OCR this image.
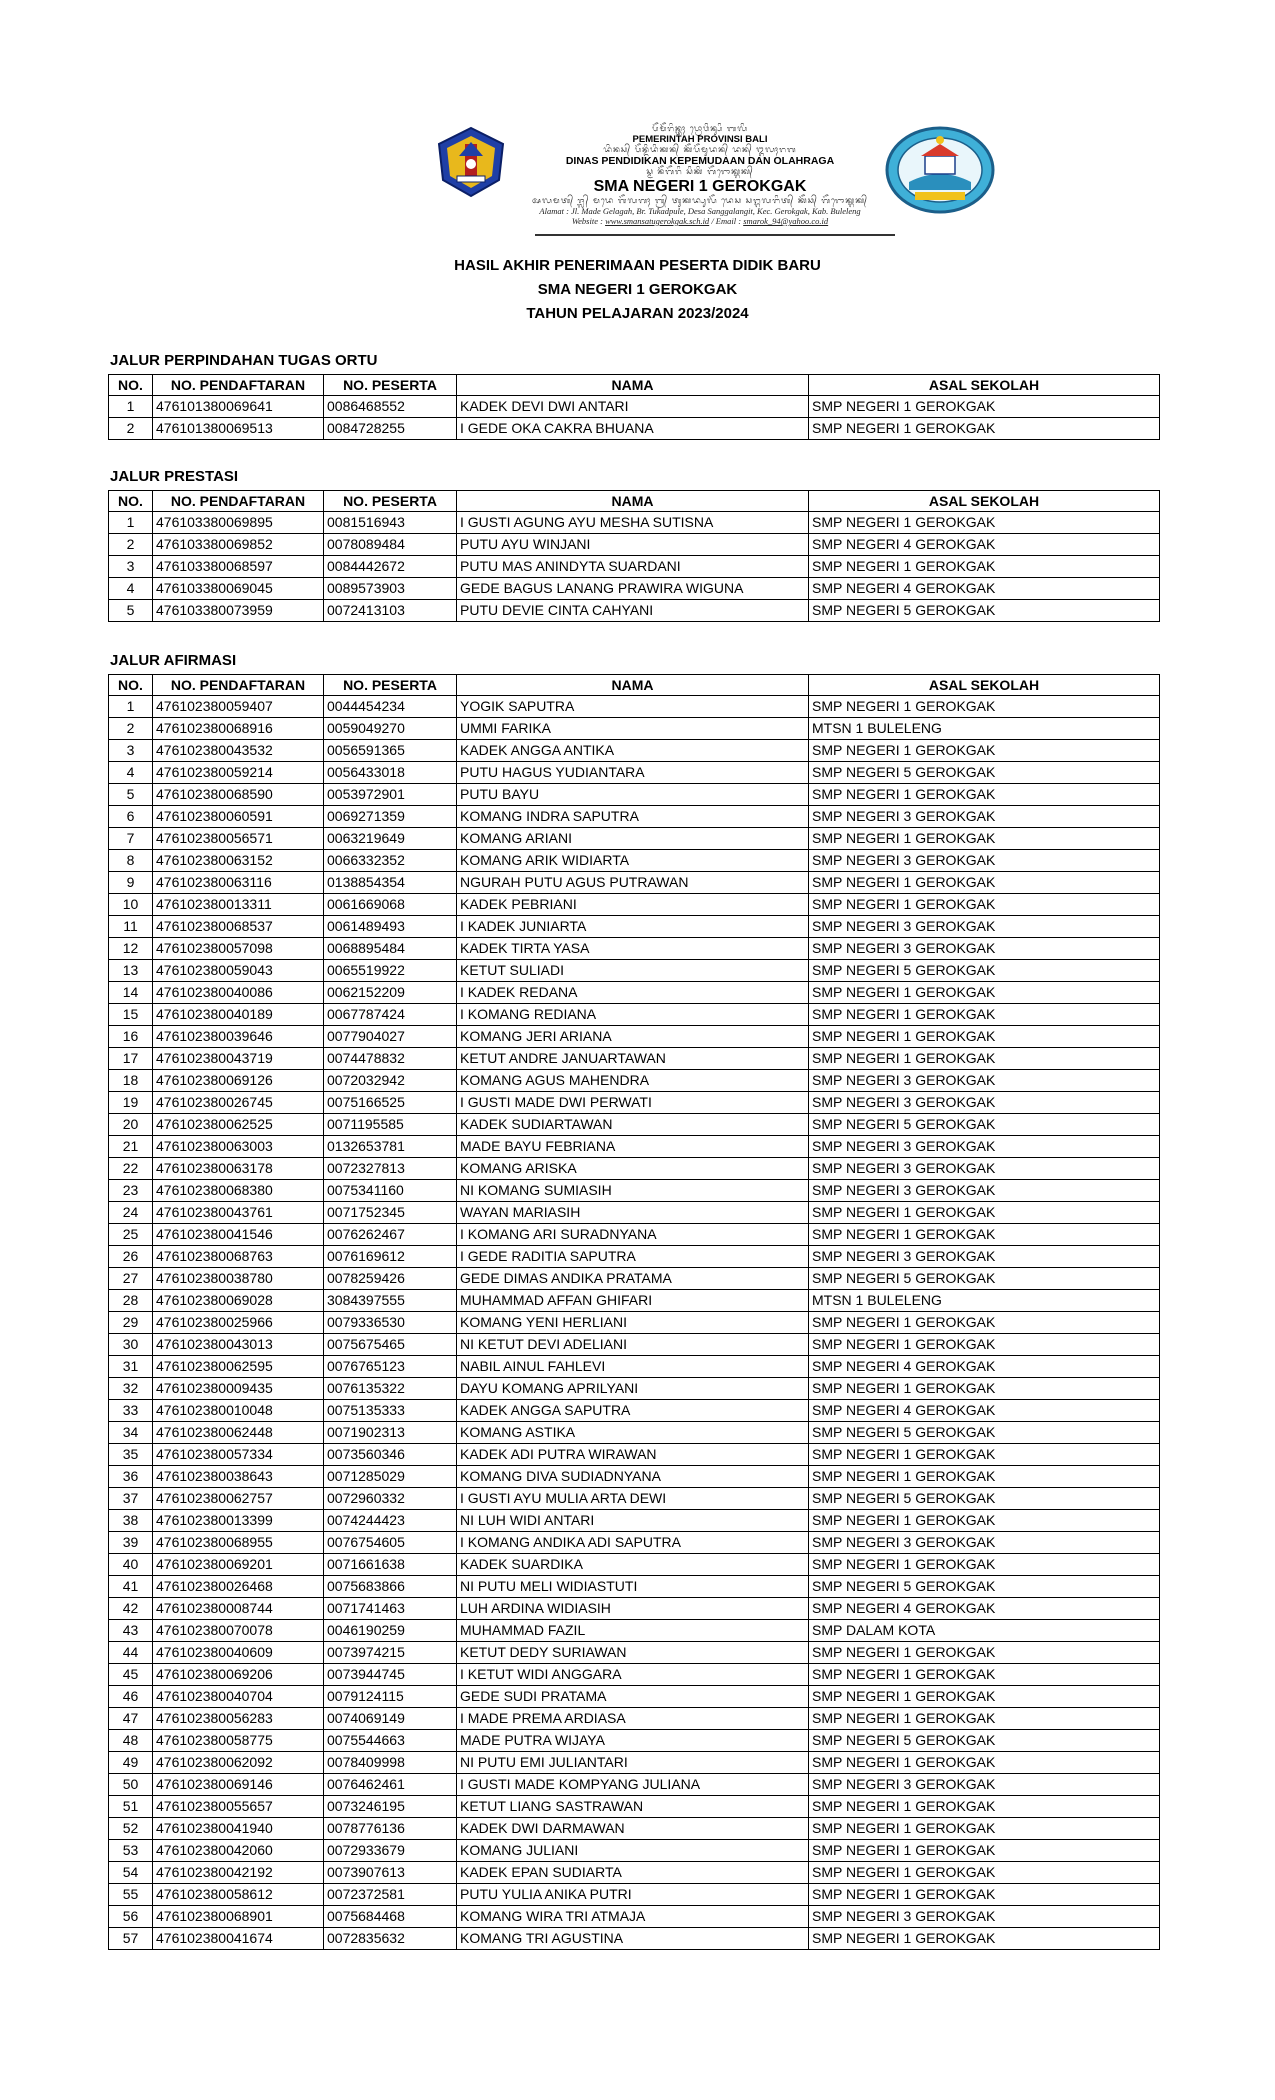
ᬧᭂᬫᭂᬭᬶᬦ᭄ᬢᬄ ᬧ᭄ᬭᭀᬯᬶᬦ᭄ᬲᬶ ᬩᬮᬶ
PEMERINTAH PROVINSI BALI
ᬤᬶᬦᬲ᭄ ᬧᭂᬦ᭄ᬤᬶᬤᬶᬓᬦ᭄ ᬓᭂᬧᭂᬫᬸᬤᬦ᭄ ᬤᬦ᭄ ᬑᬮᬄᬭᬕ
DINAS PENDIDIKAN KEPEMUDAAN DAN OLAHRAGA
ᬲ᭄ᬫ ᬦᭂᬕᭂᬭᬶ ᬲᬶᬓᬶ ᬕᭂᬭᭀᬓ᭄ᬕᬓ᭄
SMA NEGERI 1 GEROKGAK
ᬅᬮᬫᬢ᭄ ᬚ᭄ᬮ᭄ ᬫᬤᬾ ᬕᭂᬮᬕᬄ ᬩ᭄ᬭ᭄ ᬢᬸᬓᬤ᭄ᬧᬸᬮᭂ ᬤᬾᬲ ᬲᬗ᭄ᬕᬮᬗᬶᬢ᭄ ᬓᭂᬘ᭄ ᬕᭂᬭᭀᬓ᭄ᬕᬓ᭄
Alamat : Jl. Made Gelagah, Br. Tukadpule, Desa Sanggalangit, Kec. Gerokgak, Kab. Buleleng
Website : www.smansatugerokgak.sch.id / Email : smarok_94@yahoo.co.id
HASIL AKHIR PENERIMAAN PESERTA DIDIK BARU
SMA NEGERI 1 GEROKGAK
TAHUN PELAJARAN 2023/2024
JALUR PERPINDAHAN TUGAS ORTU
NO.	NO. PENDAFTARAN	NO. PESERTA	NAMA	ASAL SEKOLAH
1	476101380069641	0086468552	KADEK DEVI DWI ANTARI	SMP NEGERI 1 GEROKGAK
2	476101380069513	0084728255	I GEDE OKA CAKRA BHUANA	SMP NEGERI 1 GEROKGAK
JALUR PRESTASI
NO.	NO. PENDAFTARAN	NO. PESERTA	NAMA	ASAL SEKOLAH
1	476103380069895	0081516943	I GUSTI AGUNG AYU MESHA SUTISNA	SMP NEGERI 1 GEROKGAK
2	476103380069852	0078089484	PUTU AYU WINJANI	SMP NEGERI 4 GEROKGAK
3	476103380068597	0084442672	PUTU MAS ANINDYTA SUARDANI	SMP NEGERI 1 GEROKGAK
4	476103380069045	0089573903	GEDE BAGUS LANANG PRAWIRA WIGUNA	SMP NEGERI 4 GEROKGAK
5	476103380073959	0072413103	PUTU DEVIE CINTA CAHYANI	SMP NEGERI 5 GEROKGAK
JALUR AFIRMASI
NO.	NO. PENDAFTARAN	NO. PESERTA	NAMA	ASAL SEKOLAH
1	476102380059407	0044454234	YOGIK SAPUTRA	SMP NEGERI 1 GEROKGAK
2	476102380068916	0059049270	UMMI FARIKA	MTSN 1 BULELENG
3	476102380043532	0056591365	KADEK ANGGA ANTIKA	SMP NEGERI 1 GEROKGAK
4	476102380059214	0056433018	PUTU HAGUS YUDIANTARA	SMP NEGERI 5 GEROKGAK
5	476102380068590	0053972901	PUTU BAYU	SMP NEGERI 1 GEROKGAK
6	476102380060591	0069271359	KOMANG INDRA SAPUTRA	SMP NEGERI 3 GEROKGAK
7	476102380056571	0063219649	KOMANG ARIANI	SMP NEGERI 1 GEROKGAK
8	476102380063152	0066332352	KOMANG ARIK WIDIARTA	SMP NEGERI 3 GEROKGAK
9	476102380063116	0138854354	NGURAH PUTU AGUS PUTRAWAN	SMP NEGERI 1 GEROKGAK
10	476102380013311	0061669068	KADEK PEBRIANI	SMP NEGERI 1 GEROKGAK
11	476102380068537	0061489493	I KADEK JUNIARTA	SMP NEGERI 3 GEROKGAK
12	476102380057098	0068895484	KADEK TIRTA YASA	SMP NEGERI 3 GEROKGAK
13	476102380059043	0065519922	KETUT SULIADI	SMP NEGERI 5 GEROKGAK
14	476102380040086	0062152209	I KADEK REDANA	SMP NEGERI 1 GEROKGAK
15	476102380040189	0067787424	I KOMANG REDIANA	SMP NEGERI 1 GEROKGAK
16	476102380039646	0077904027	KOMANG JERI ARIANA	SMP NEGERI 1 GEROKGAK
17	476102380043719	0074478832	KETUT ANDRE JANUARTAWAN	SMP NEGERI 1 GEROKGAK
18	476102380069126	0072032942	KOMANG AGUS MAHENDRA	SMP NEGERI 3 GEROKGAK
19	476102380026745	0075166525	I GUSTI MADE DWI PERWATI	SMP NEGERI 3 GEROKGAK
20	476102380062525	0071195585	KADEK SUDIARTAWAN	SMP NEGERI 5 GEROKGAK
21	476102380063003	0132653781	MADE BAYU FEBRIANA	SMP NEGERI 3 GEROKGAK
22	476102380063178	0072327813	KOMANG ARISKA	SMP NEGERI 3 GEROKGAK
23	476102380068380	0075341160	NI KOMANG SUMIASIH	SMP NEGERI 3 GEROKGAK
24	476102380043761	0071752345	WAYAN MARIASIH	SMP NEGERI 1 GEROKGAK
25	476102380041546	0076262467	I KOMANG ARI SURADNYANA	SMP NEGERI 1 GEROKGAK
26	476102380068763	0076169612	I GEDE RADITIA SAPUTRA	SMP NEGERI 3 GEROKGAK
27	476102380038780	0078259426	GEDE DIMAS ANDIKA PRATAMA	SMP NEGERI 5 GEROKGAK
28	476102380069028	3084397555	MUHAMMAD AFFAN GHIFARI	MTSN 1 BULELENG
29	476102380025966	0079336530	KOMANG YENI HERLIANI	SMP NEGERI 1 GEROKGAK
30	476102380043013	0075675465	NI KETUT DEVI ADELIANI	SMP NEGERI 1 GEROKGAK
31	476102380062595	0076765123	NABIL AINUL FAHLEVI	SMP NEGERI 4 GEROKGAK
32	476102380009435	0076135322	DAYU KOMANG APRILYANI	SMP NEGERI 1 GEROKGAK
33	476102380010048	0075135333	KADEK ANGGA SAPUTRA	SMP NEGERI 4 GEROKGAK
34	476102380062448	0071902313	KOMANG ASTIKA	SMP NEGERI 5 GEROKGAK
35	476102380057334	0073560346	KADEK ADI PUTRA WIRAWAN	SMP NEGERI 1 GEROKGAK
36	476102380038643	0071285029	KOMANG DIVA SUDIADNYANA	SMP NEGERI 1 GEROKGAK
37	476102380062757	0072960332	I GUSTI AYU MULIA ARTA DEWI	SMP NEGERI 5 GEROKGAK
38	476102380013399	0074244423	NI LUH WIDI ANTARI	SMP NEGERI 1 GEROKGAK
39	476102380068955	0076754605	I KOMANG ANDIKA ADI SAPUTRA	SMP NEGERI 3 GEROKGAK
40	476102380069201	0071661638	KADEK SUARDIKA	SMP NEGERI 1 GEROKGAK
41	476102380026468	0075683866	NI PUTU MELI WIDIASTUTI	SMP NEGERI 5 GEROKGAK
42	476102380008744	0071741463	LUH ARDINA WIDIASIH	SMP NEGERI 4 GEROKGAK
43	476102380070078	0046190259	MUHAMMAD FAZIL	SMP DALAM KOTA
44	476102380040609	0073974215	KETUT DEDY SURIAWAN	SMP NEGERI 1 GEROKGAK
45	476102380069206	0073944745	I KETUT WIDI ANGGARA	SMP NEGERI 1 GEROKGAK
46	476102380040704	0079124115	GEDE SUDI PRATAMA	SMP NEGERI 1 GEROKGAK
47	476102380056283	0074069149	I MADE PREMA ARDIASA	SMP NEGERI 1 GEROKGAK
48	476102380058775	0075544663	MADE PUTRA WIJAYA	SMP NEGERI 5 GEROKGAK
49	476102380062092	0078409998	NI PUTU EMI JULIANTARI	SMP NEGERI 1 GEROKGAK
50	476102380069146	0076462461	I GUSTI MADE KOMPYANG JULIANA	SMP NEGERI 3 GEROKGAK
51	476102380055657	0073246195	KETUT LIANG SASTRAWAN	SMP NEGERI 1 GEROKGAK
52	476102380041940	0078776136	KADEK DWI DARMAWAN	SMP NEGERI 1 GEROKGAK
53	476102380042060	0072933679	KOMANG JULIANI	SMP NEGERI 1 GEROKGAK
54	476102380042192	0073907613	KADEK EPAN SUDIARTA	SMP NEGERI 1 GEROKGAK
55	476102380058612	0072372581	PUTU YULIA ANIKA PUTRI	SMP NEGERI 1 GEROKGAK
56	476102380068901	0075684468	KOMANG WIRA TRI ATMAJA	SMP NEGERI 3 GEROKGAK
57	476102380041674	0072835632	KOMANG TRI AGUSTINA	SMP NEGERI 1 GEROKGAK
